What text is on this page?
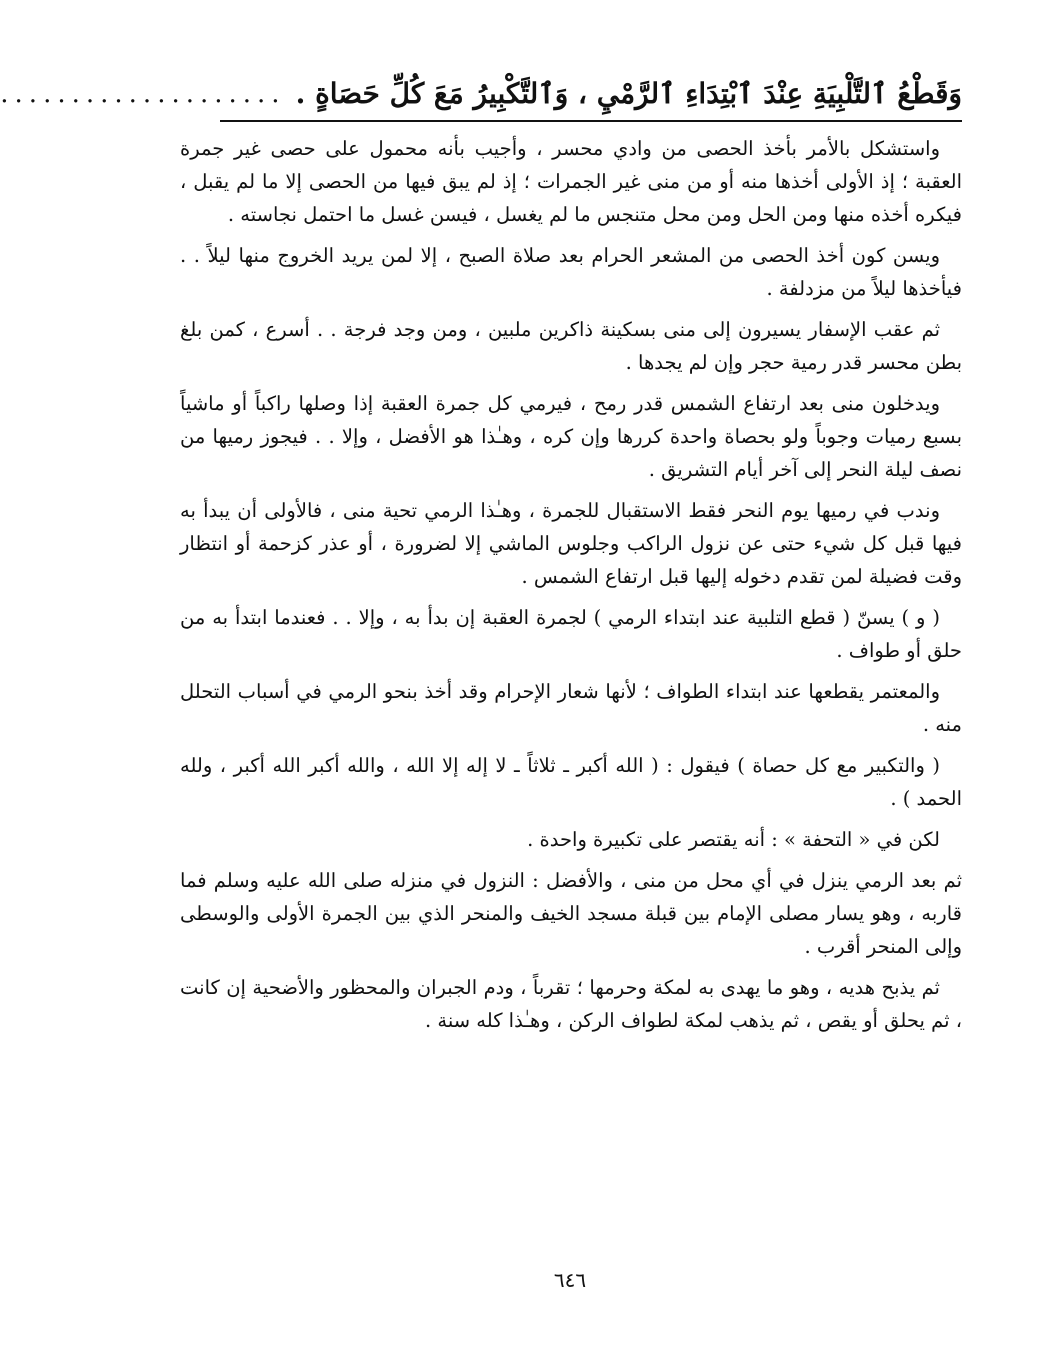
وَقَطْعُ ٱلتَّلْبِيَةِ عِنْدَ ٱبْتِدَاءِ ٱلرَّمْيِ ، وَٱلتَّكْبِيرُ مَعَ كُلِّ حَصَاةٍ .
....................

واستشكل بالأمر بأخذ الحصى من وادي محسر ، وأجيب بأنه محمول على حصى غير جمرة العقبة ؛ إذ الأولى أخذها منه أو من منى غير الجمرات ؛ إذ لم يبق فيها من الحصى إلا ما لم يقبل ، فيكره أخذه منها ومن الحل ومن محل متنجس ما لم يغسل ، فيسن غسل ما احتمل نجاسته .

ويسن كون أخذ الحصى من المشعر الحرام بعد صلاة الصبح ، إلا لمن يريد الخروج منها ليلاً . . فيأخذها ليلاً من مزدلفة .

ثم عقب الإسفار يسيرون إلى منى بسكينة ذاكرين ملبين ، ومن وجد فرجة . . أسرع ، كمن بلغ بطن محسر قدر رمية حجر وإن لم يجدها .

ويدخلون منى بعد ارتفاع الشمس قدر رمح ، فيرمي كل جمرة العقبة إذا وصلها راكباً أو ماشياً بسبع رميات وجوباً ولو بحصاة واحدة كررها وإن كره ، وهـٰذا هو الأفضل ، وإلا . . فيجوز رميها من نصف ليلة النحر إلى آخر أيام التشريق .

وندب في رميها يوم النحر فقط الاستقبال للجمرة ، وهـٰذا الرمي تحية منى ، فالأولى أن يبدأ به فيها قبل كل شيء حتى عن نزول الراكب وجلوس الماشي إلا لضرورة ، أو عذر كزحمة أو انتظار وقت فضيلة لمن تقدم دخوله إليها قبل ارتفاع الشمس .

( و ) يسنّ ( قطع التلبية عند ابتداء الرمي ) لجمرة العقبة إن بدأ به ، وإلا . . فعندما ابتدأ به من حلق أو طواف .

والمعتمر يقطعها عند ابتداء الطواف ؛ لأنها شعار الإحرام وقد أخذ بنحو الرمي في أسباب التحلل منه .

( والتكبير مع كل حصاة ) فيقول : ( الله أكبر ـ ثلاثاً ـ لا إله إلا الله ، والله أكبر الله أكبر ، ولله الحمد ) .

لكن في « التحفة » : أنه يقتصر على تكبيرة واحدة .

ثم بعد الرمي ينزل في أي محل من منى ، والأفضل : النزول في منزله صلى الله عليه وسلم فما قاربه ، وهو يسار مصلى الإمام بين قبلة مسجد الخيف والمنحر الذي بين الجمرة الأولى والوسطى وإلى المنحر أقرب .

ثم يذبح هديه ، وهو ما يهدى به لمكة وحرمها ؛ تقرباً ، ودم الجبران والمحظور والأضحية إن كانت ، ثم يحلق أو يقص ، ثم يذهب لمكة لطواف الركن ، وهـٰذا كله سنة .

٦٤٦
